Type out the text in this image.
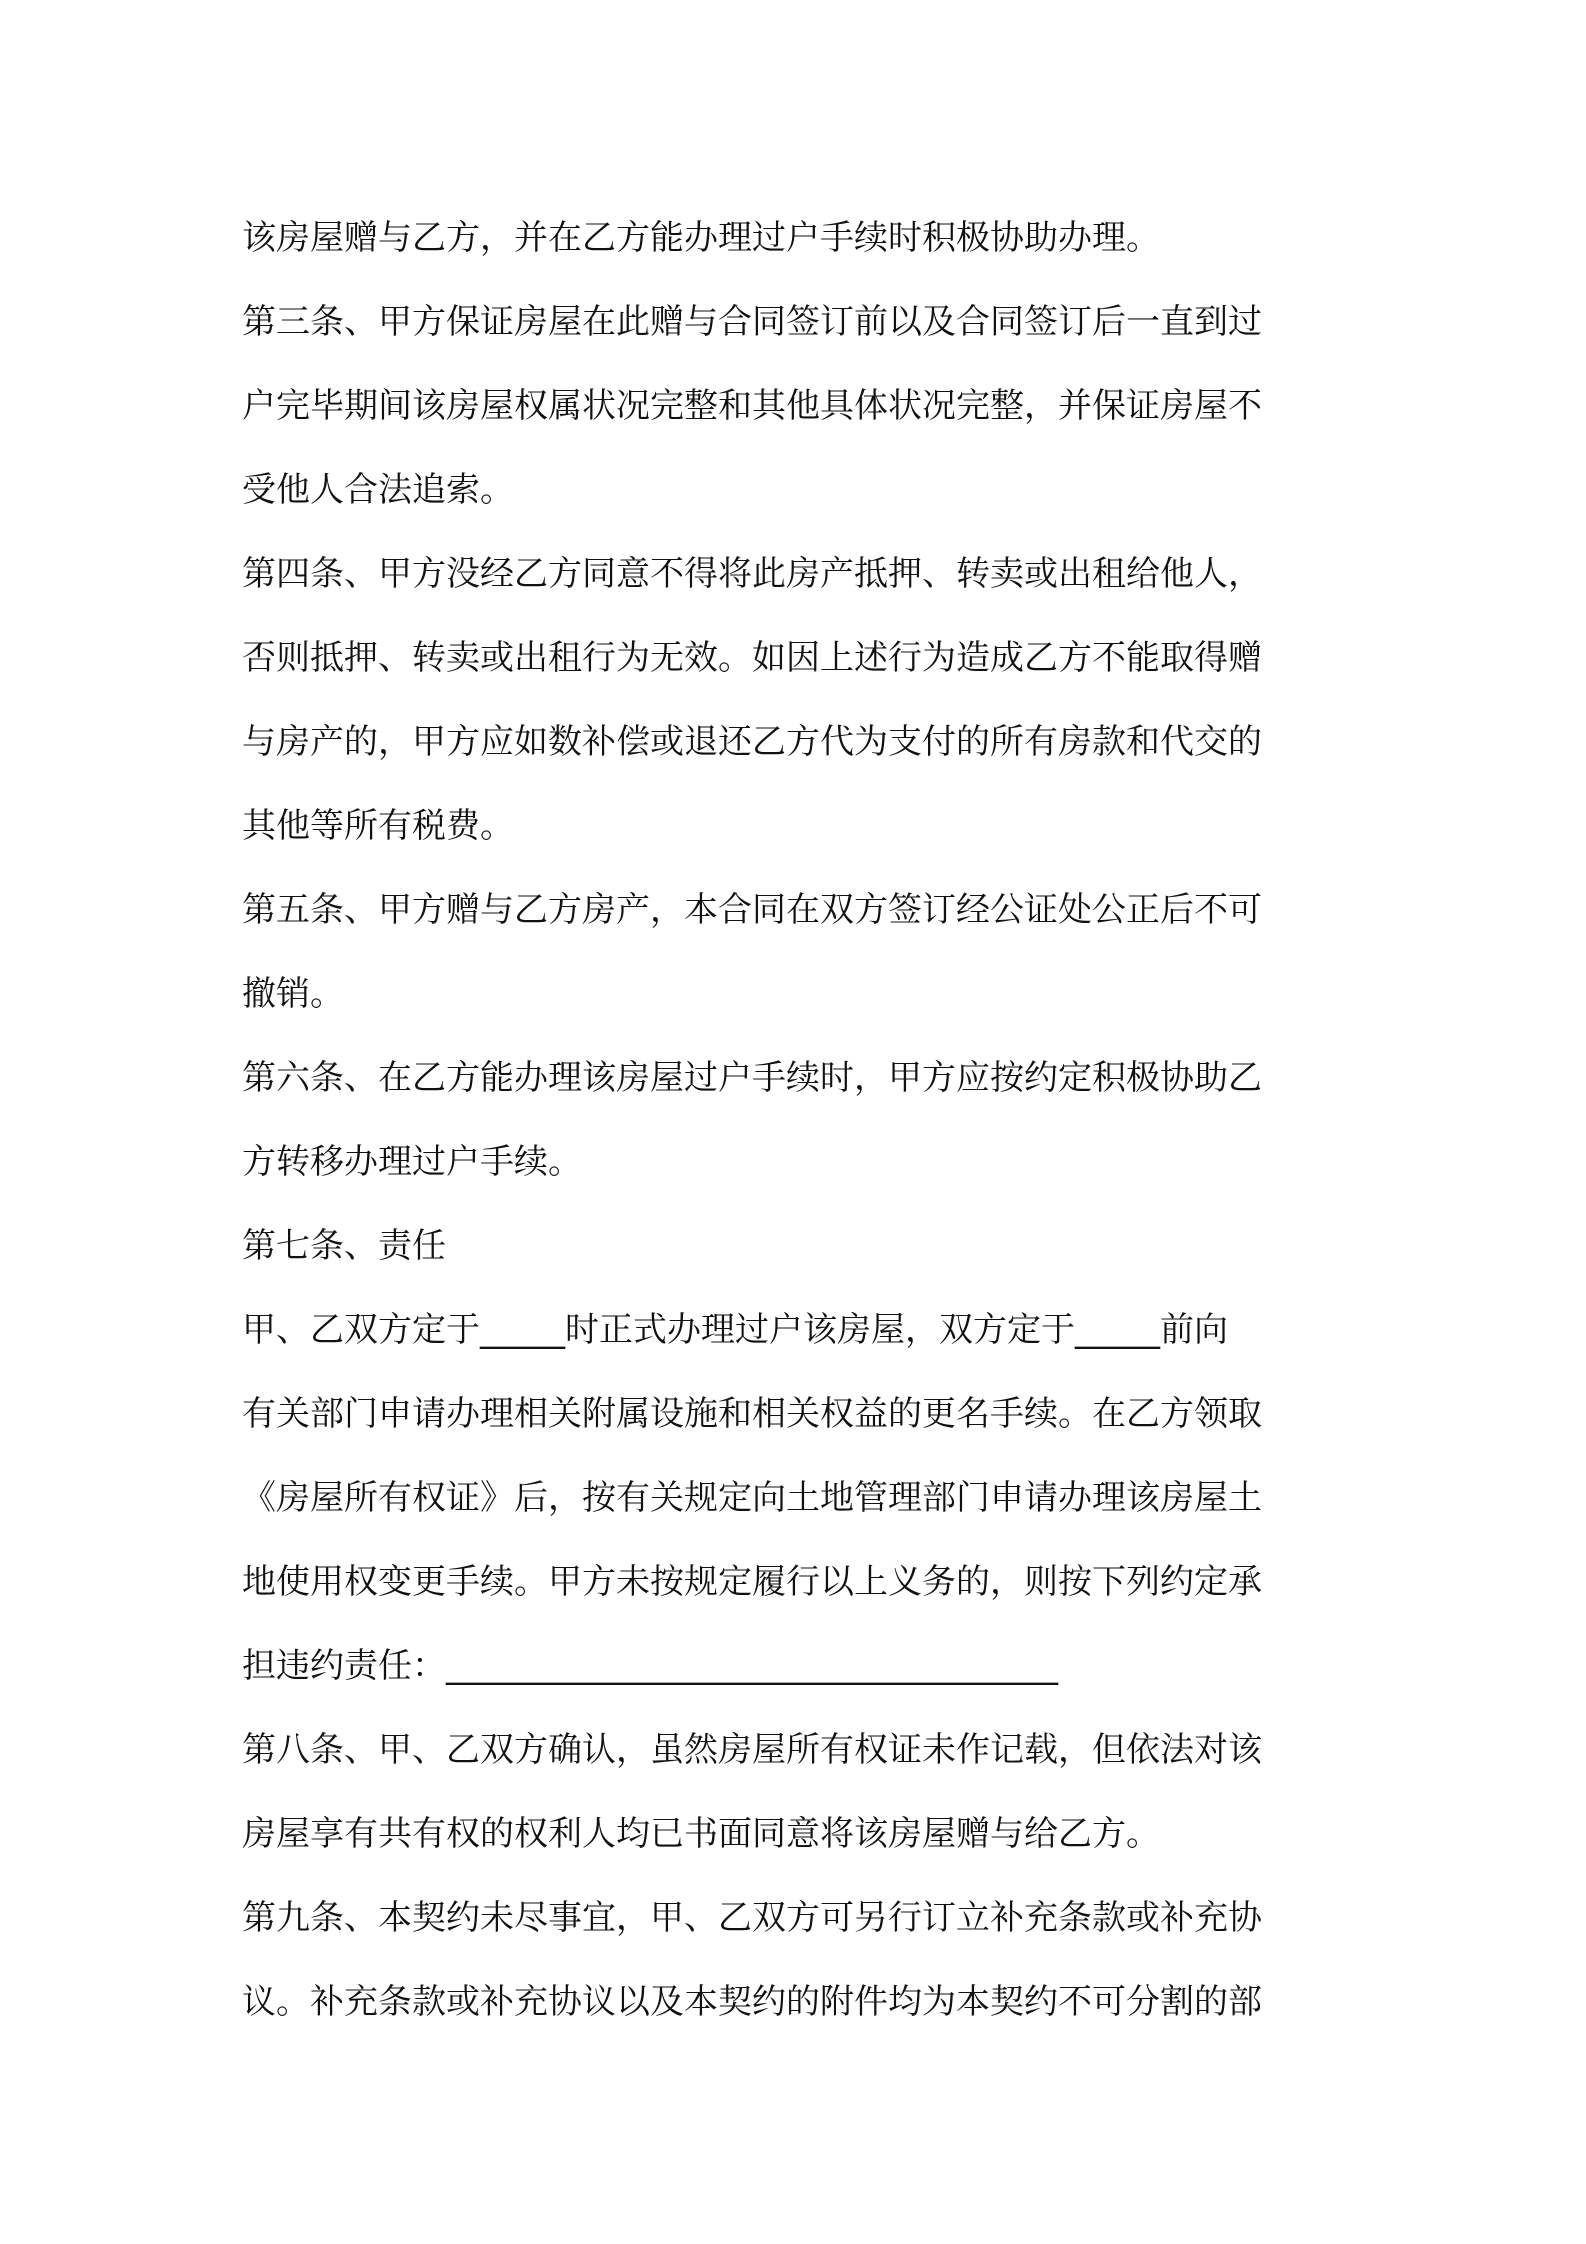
该房屋赠与乙方，并在乙方能办理过户手续时积极协助办理。
第三条、甲方保证房屋在此赠与合同签订前以及合同签订后一直到过
户完毕期间该房屋权属状况完整和其他具体状况完整，并保证房屋不
受他人合法追索。
第四条、甲方没经乙方同意不得将此房产抵押、转卖或出租给他人，
否则抵押、转卖或出租行为无效。如因上述行为造成乙方不能取得赠
与房产的，甲方应如数补偿或退还乙方代为支付的所有房款和代交的
其他等所有税费。
第五条、甲方赠与乙方房产，本合同在双方签订经公证处公正后不可
撤销。
第六条、在乙方能办理该房屋过户手续时，甲方应按约定积极协助乙
方转移办理过户手续。
第七条、责任
甲、乙双方定于_____时正式办理过户该房屋，双方定于_____前向
有关部门申请办理相关附属设施和相关权益的更名手续。在乙方领取
《房屋所有权证》后，按有关规定向土地管理部门申请办理该房屋土
地使用权变更手续。甲方未按规定履行以上义务的，则按下列约定承
担违约责任：____________________________________
第八条、甲、乙双方确认，虽然房屋所有权证未作记载，但依法对该
房屋享有共有权的权利人均已书面同意将该房屋赠与给乙方。
第九条、本契约未尽事宜，甲、乙双方可另行订立补充条款或补充协
议。补充条款或补充协议以及本契约的附件均为本契约不可分割的部
